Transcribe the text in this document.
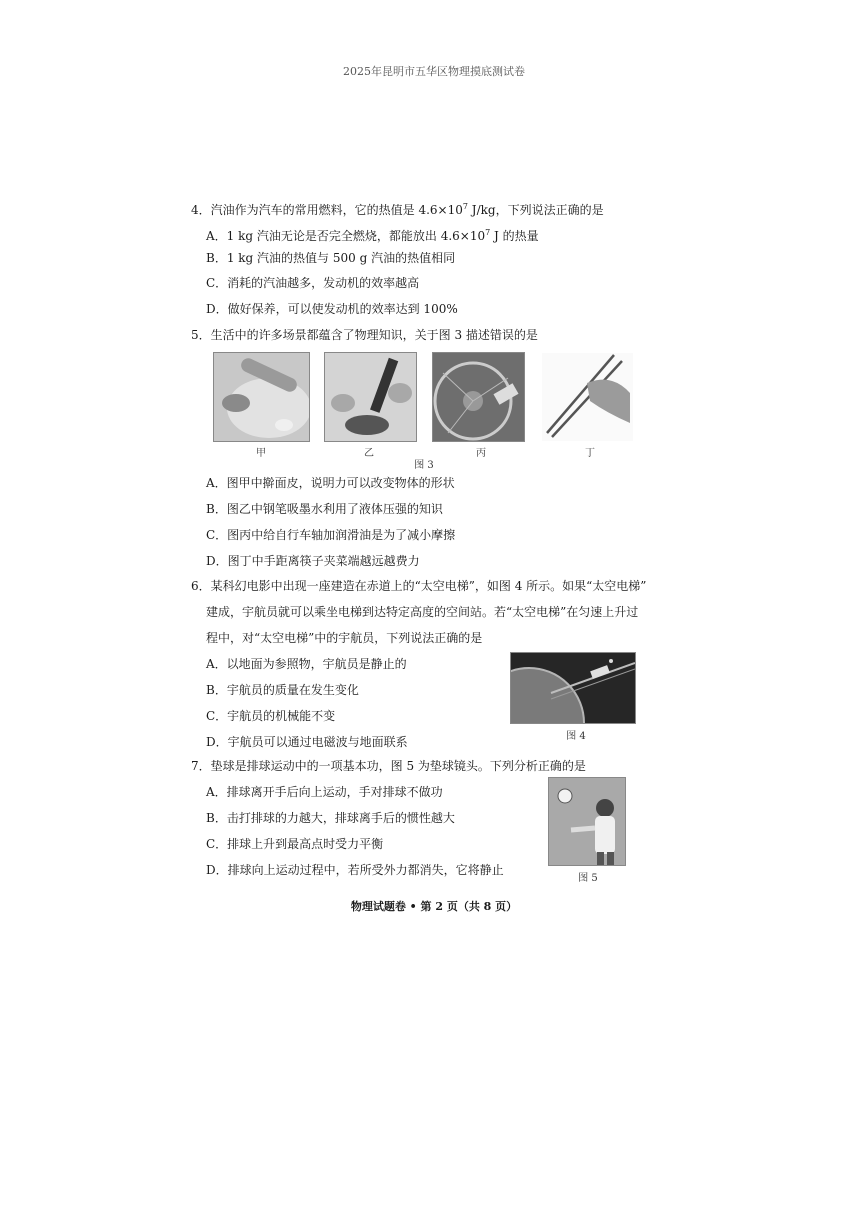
2025年昆明市五华区物理摸底测试卷
4．汽油作为汽车的常用燃料，它的热值是 $4.6\times 10^7$ J/kg，下列说法正确的是
A．1 kg 汽油无论是否完全燃烧，都能放出 $4.6\times 10^7$ J 的热量
B．1 kg 汽油的热值与 500 g 汽油的热值相同
C．消耗的汽油越多，发动机的效率越高
D．做好保养，可以使发动机的效率达到 100%
5．生活中的许多场景都蕴含了物理知识，关于图 3 描述错误的是
甲	乙	丙	丁
图 3
A．图甲中擀面皮，说明力可以改变物体的形状
B．图乙中钢笔吸墨水利用了液体压强的知识
C．图丙中给自行车轴加润滑油是为了减小摩擦
D．图丁中手距离筷子夹菜端越远越费力
6．某科幻电影中出现一座建造在赤道上的“太空电梯”，如图 4 所示。如果“太空电梯”
建成，宇航员就可以乘坐电梯到达特定高度的空间站。若“太空电梯”在匀速上升过
程中，对“太空电梯”中的宇航员，下列说法正确的是
A．以地面为参照物，宇航员是静止的
B．宇航员的质量在发生变化
C．宇航员的机械能不变
D．宇航员可以通过电磁波与地面联系	图 4
7．垫球是排球运动中的一项基本功，图 5 为垫球镜头。下列分析正确的是
A．排球离开手后向上运动，手对排球不做功
B．击打排球的力越大，排球离手后的惯性越大
C．排球上升到最高点时受力平衡
D．排球向上运动过程中，若所受外力都消失，它将静止
图 5
物理试题卷 • 第 2 页（共 8 页）
